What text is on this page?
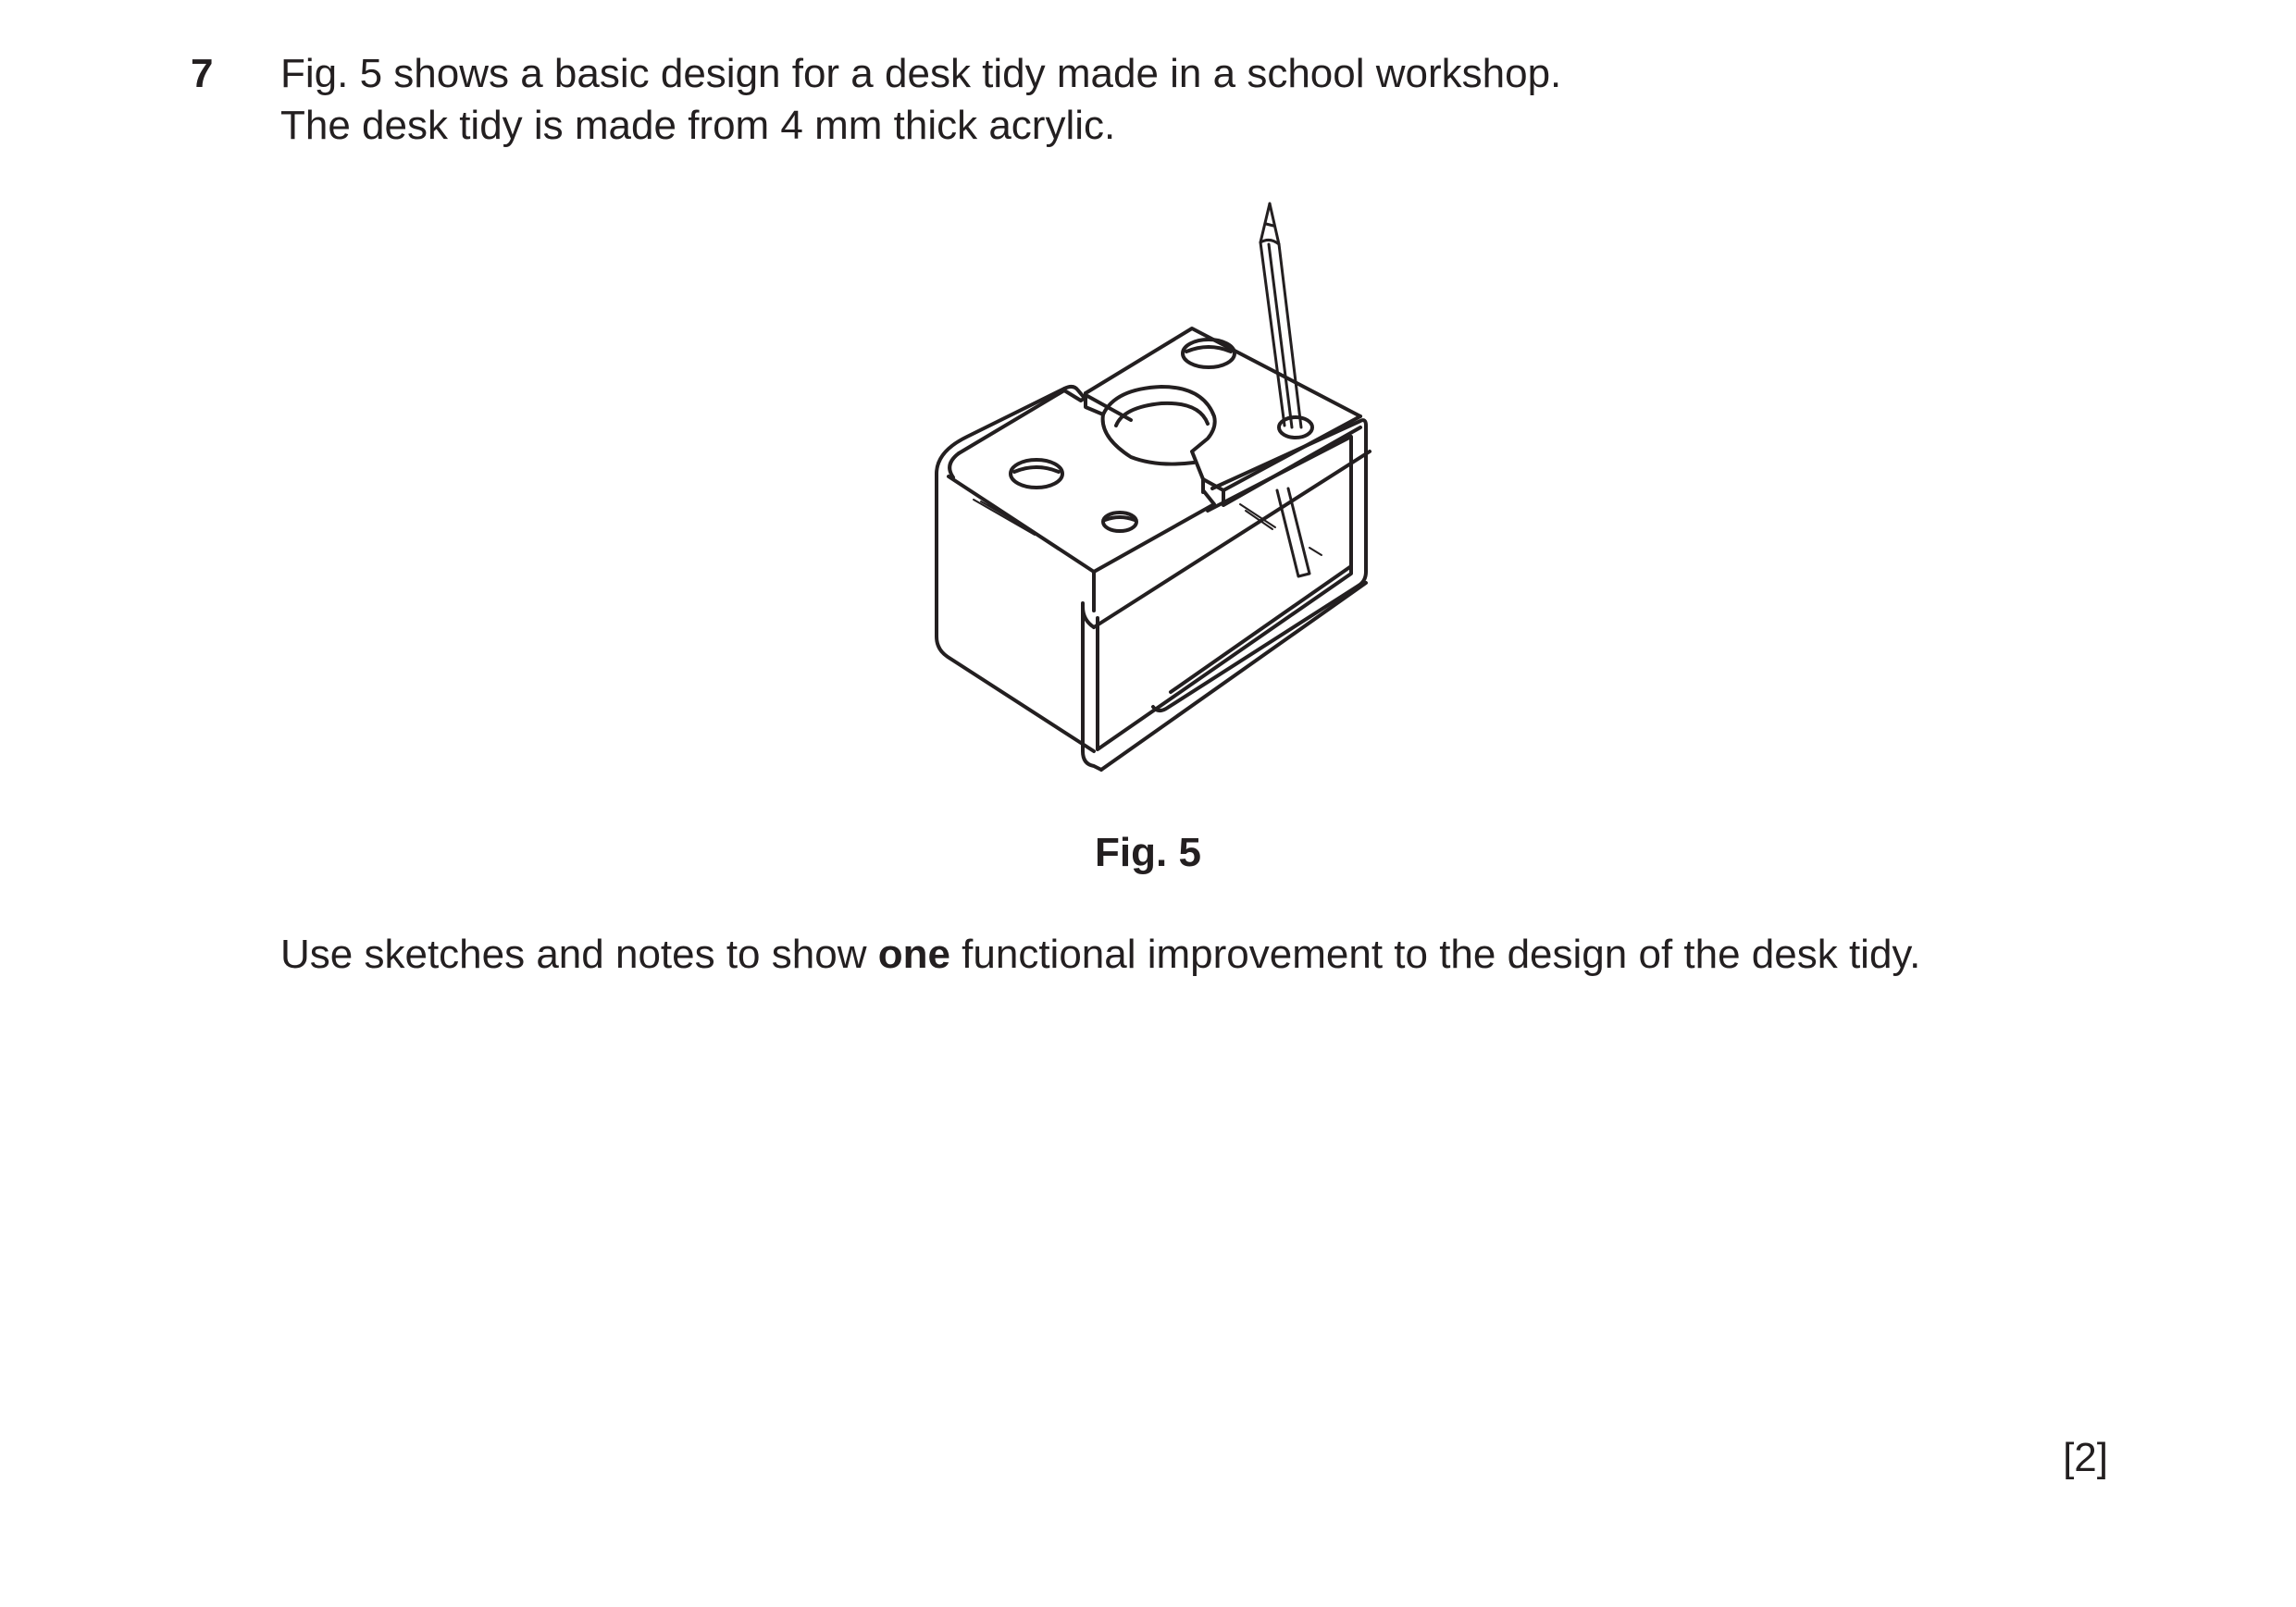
7 Fig. 5 shows a basic design for a desk tidy made in a school workshop.
The desk tidy is made from 4 mm thick acrylic.
Fig. 5
Use sketches and notes to show one functional improvement to the design of the desk tidy.
[2]
